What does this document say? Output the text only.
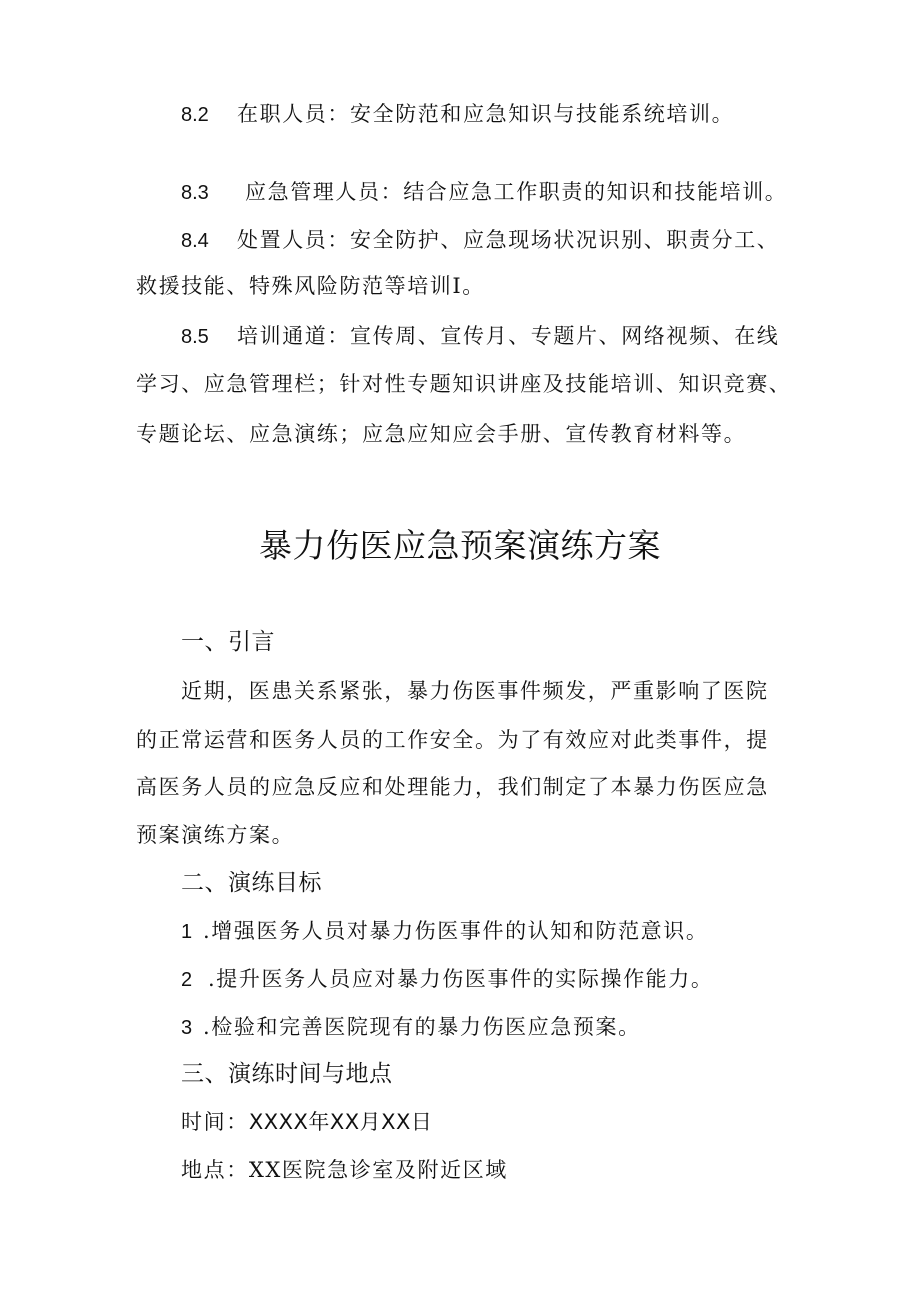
8.2 在职人员：安全防范和应急知识与技能系统培训。
8.3 应急管理人员：结合应急工作职责的知识和技能培训。
8.4 处置人员：安全防护、应急现场状况识别、职责分工、
救援技能、特殊风险防范等培训I。
8.5 培训通道：宣传周、宣传月、专题片、网络视频、在线
学习、应急管理栏；针对性专题知识讲座及技能培训、知识竞赛、
专题论坛、应急演练；应急应知应会手册、宣传教育材料等。
暴力伤医应急预案演练方案
一、引言
近期，医患关系紧张，暴力伤医事件频发，严重影响了医院
的正常运营和医务人员的工作安全。为了有效应对此类事件，提
高医务人员的应急反应和处理能力，我们制定了本暴力伤医应急
预案演练方案。
二、演练目标
1 .增强医务人员对暴力伤医事件的认知和防范意识。
2 .提升医务人员应对暴力伤医事件的实际操作能力。
3 .检验和完善医院现有的暴力伤医应急预案。
三、演练时间与地点
时间：XXXX年XX月XX日
地点：XX医院急诊室及附近区域
